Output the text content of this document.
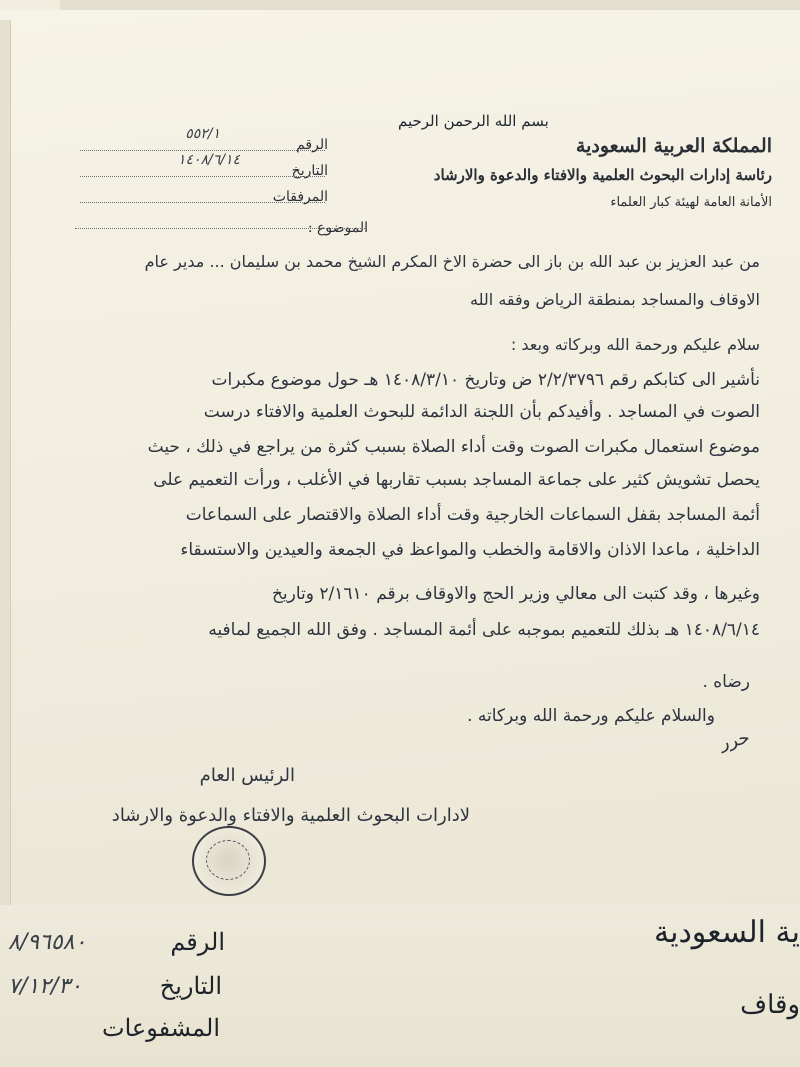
بسم الله الرحمن الرحيم
المملكة العربية السعودية
رئاسة إدارات البحوث العلمية والافتاء والدعوة والارشاد
الأمانة العامة لهيئة كبار العلماء
الرقم
٥٥٢/١
التاريخ
١٤٠٨/٦/١٤
المرفقات
الموضوع :
من عبد العزيز بن عبد الله بن باز الى حضرة الاخ المكرم الشيخ محمد بن سليمان ... مدير عام
الاوقاف والمساجد بمنطقة الرياض وفقه الله
سلام عليكم ورحمة الله وبركاته وبعد :
نأشير الى كتابكم رقم ٢/٢/٣٧٩٦ ض وتاريخ ١٤٠٨/٣/١٠ هـ حول موضوع مكبرات
الصوت في المساجد . وأفيدكم بأن اللجنة الدائمة للبحوث العلمية والافتاء درست
موضوع استعمال مكبرات الصوت وقت أداء الصلاة بسبب كثرة من يراجع في ذلك ، حيث
يحصل تشويش كثير على جماعة المساجد بسبب تقاربها في الأغلب ، ورأت التعميم على
أئمة المساجد بقفل السماعات الخارجية وقت أداء الصلاة والاقتصار على السماعات
الداخلية ، ماعدا الاذان والاقامة والخطب والمواعظ في الجمعة والعيدين والاستسقاء
وغيرها ، وقد كتبت الى معالي وزير الحج والاوقاف برقم ٢/١٦١٠ وتاريخ
١٤٠٨/٦/١٤ هـ بذلك للتعميم بموجبه على أئمة المساجد . وفق الله الجميع لمافيه
رضاه .
والسلام عليكم ورحمة الله وبركاته .
حرر
الرئيس العام
لادارات البحوث العلمية والافتاء والدعوة والارشاد
الرقم
٨/٩٦٥٨٠
التاريخ
٧/١٢/٣٠
المشفوعات
ية السعودية
وقاف
